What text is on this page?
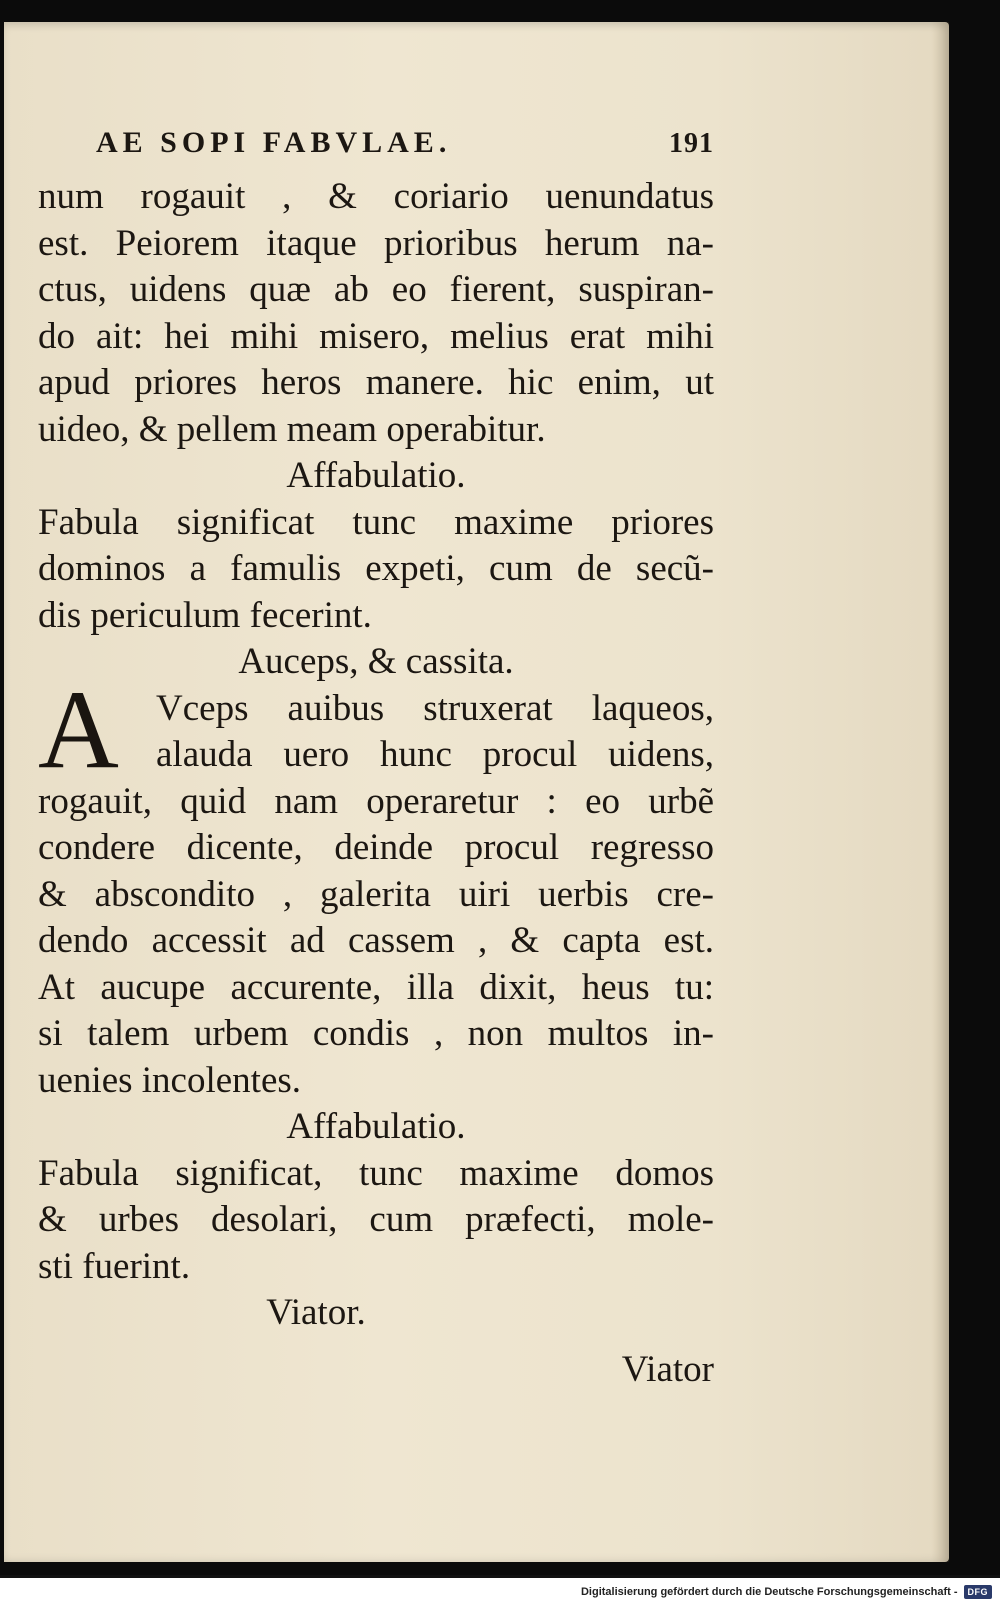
AE SOPI FABVLAE.	191
num rogauit , & coriario uenundatus
est. Peiorem itaque prioribus herum na-
ctus, uidens quæ ab eo fierent, suspiran-
do ait: hei mihi misero, melius erat mihi
apud priores heros manere. hic enim, ut
uideo, & pellem meam operabitur.
Affabulatio.
Fabula significat tunc maxime priores
dominos a famulis expeti, cum de secũ-
dis periculum fecerint.
Auceps, & cassita.
A Vceps auibus struxerat laqueos,
alauda uero hunc procul uidens,
rogauit, quid nam operaretur : eo urbẽ
condere dicente, deinde procul regresso
& abscondito , galerita uiri uerbis cre-
dendo accessit ad cassem , & capta est.
At aucupe accurente, illa dixit, heus tu:
si talem urbem condis , non multos in-
uenies incolentes.
Affabulatio.
Fabula significat, tunc maxime domos
& urbes desolari, cum præfecti, mole-
sti fuerint.
Viator.
Viator
Digitalisierung gefördert durch die Deutsche Forschungsgemeinschaft -	DFG
